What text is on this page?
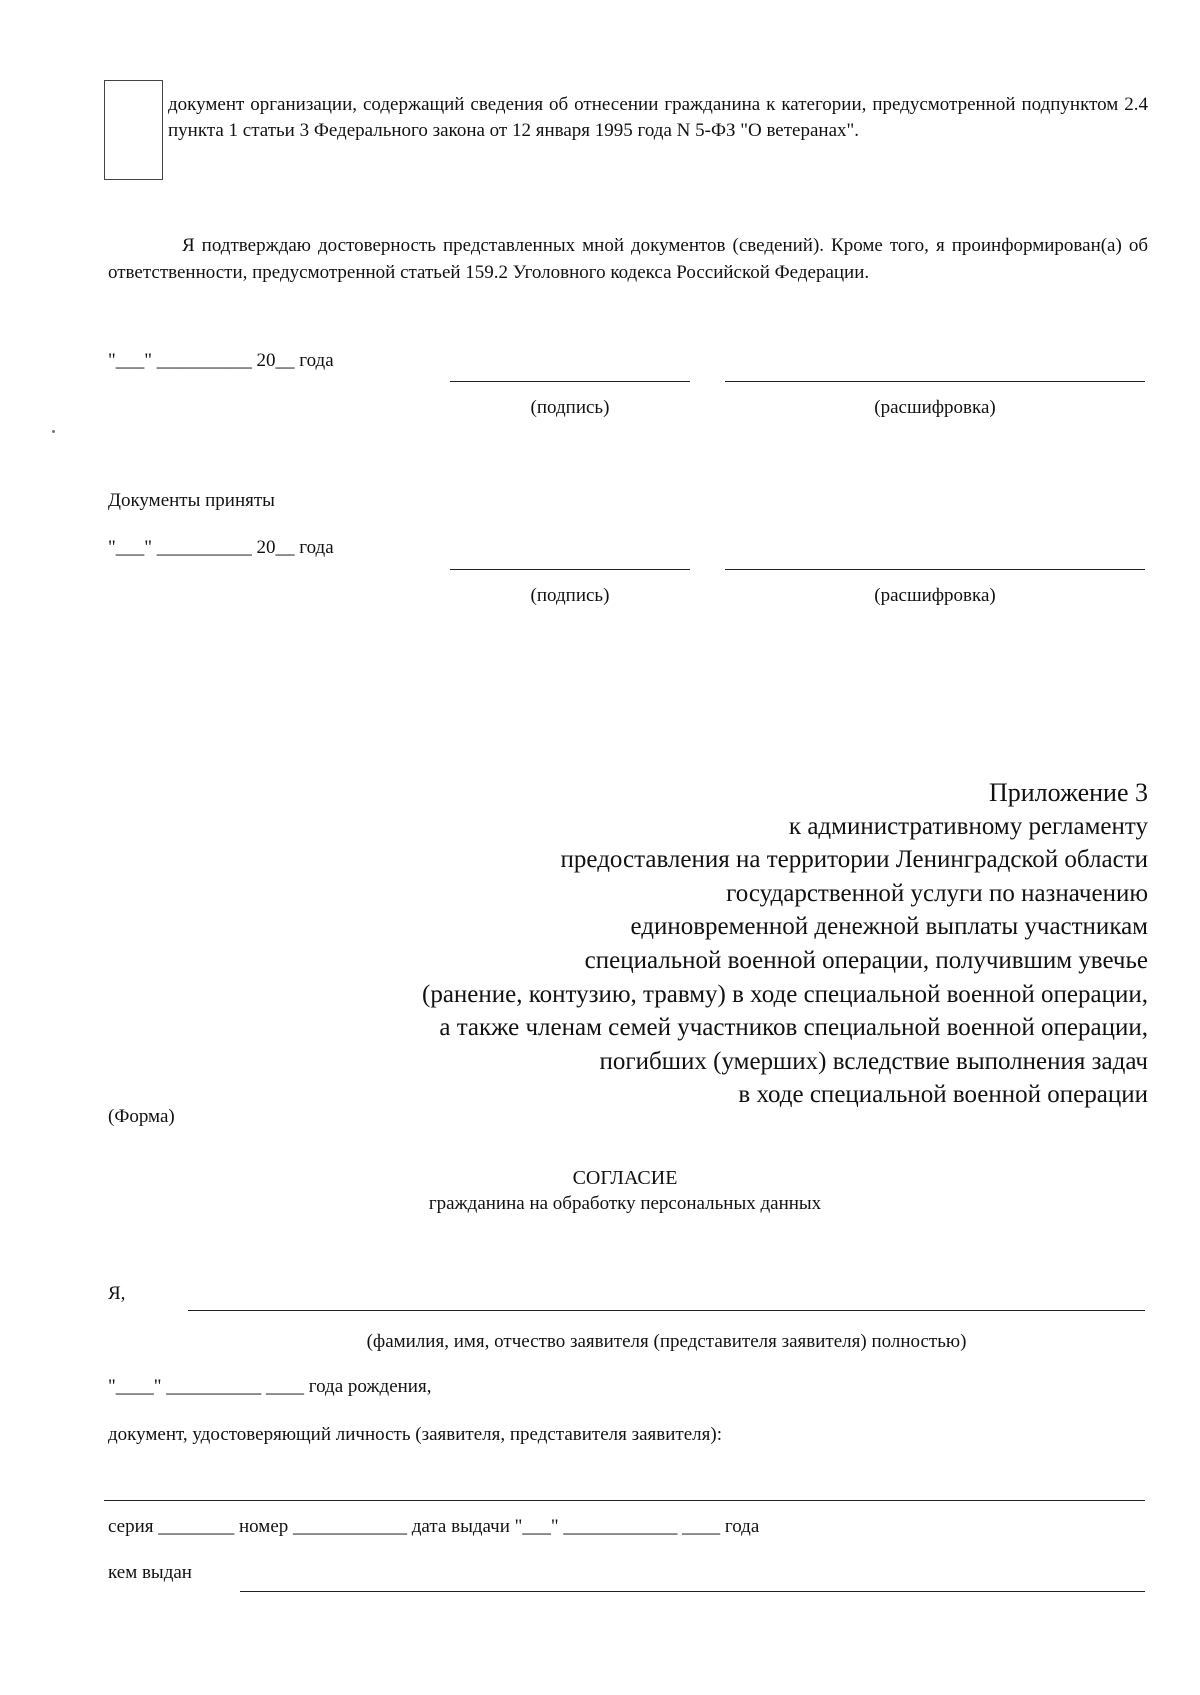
документ организации, содержащий сведения об отнесении гражданина к категории, предусмотренной подпунктом 2.4 пункта 1 статьи 3 Федерального закона от 12 января 1995 года N 5-ФЗ "О ветеранах".
Я подтверждаю достоверность представленных мной документов (сведений). Кроме того, я проинформирован(а) об ответственности, предусмотренной статьей 159.2 Уголовного кодекса Российской Федерации.
"___" __________ 20__ года
(подпись)	(расшифровка)
Документы приняты
"___" __________ 20__ года
(подпись)	(расшифровка)
Приложение 3
к административному регламенту
предоставления на территории Ленинградской области
государственной услуги по назначению
единовременной денежной выплаты участникам
специальной военной операции, получившим увечье
(ранение, контузию, травму) в ходе специальной военной операции,
а также членам семей участников специальной военной операции,
погибших (умерших) вследствие выполнения задач
в ходе специальной военной операции
(Форма)
СОГЛАСИЕ
гражданина на обработку персональных данных
Я,
(фамилия, имя, отчество заявителя (представителя заявителя) полностью)
"____" __________ ____ года рождения,
документ, удостоверяющий личность (заявителя, представителя заявителя):
серия ________ номер ____________ дата выдачи "___" ____________ ____ года
кем выдан
